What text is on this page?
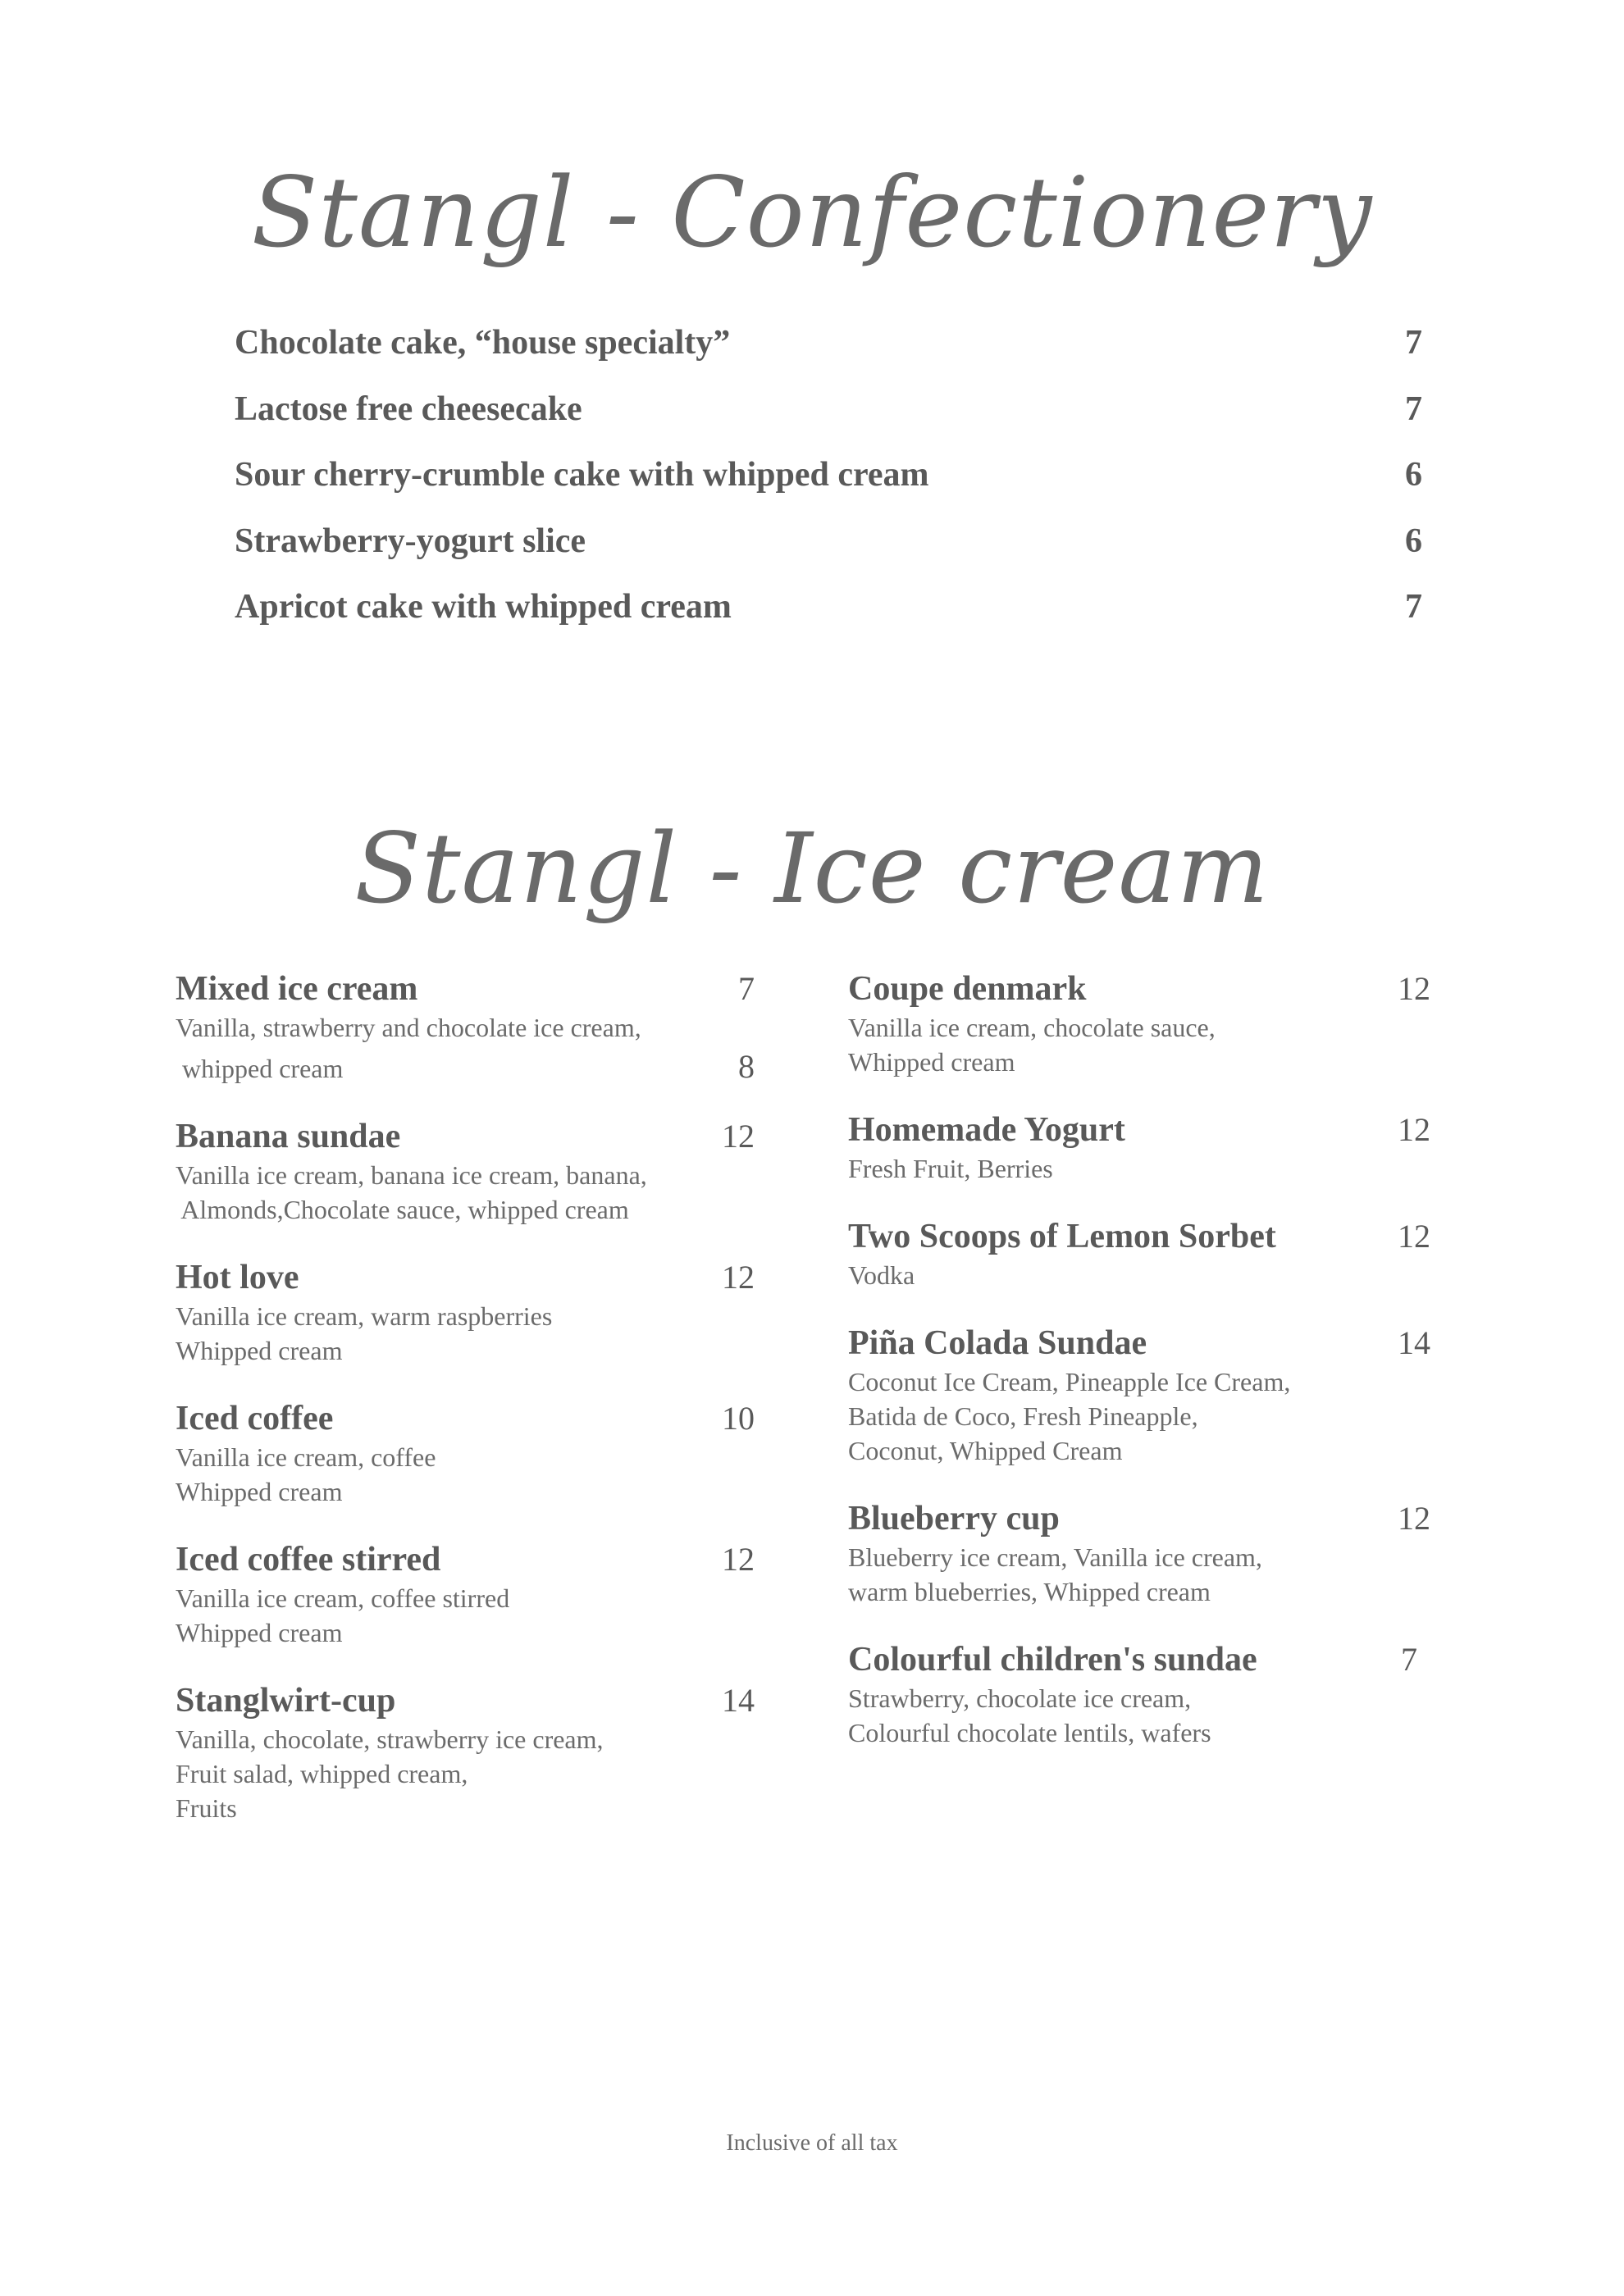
Stangl - Confectionery
Chocolate cake, “house specialty”	7
Lactose free cheesecake	7
Sour cherry-crumble cake with whipped cream	6
Strawberry-yogurt slice	6
Apricot cake with whipped cream	7
Stangl - Ice cream
Mixed ice cream	7
Vanilla, strawberry and chocolate ice cream,
whipped cream	8
Banana sundae	12
Vanilla ice cream, banana ice cream, banana,
Almonds,Chocolate sauce, whipped cream
Hot love	12
Vanilla ice cream, warm raspberries
Whipped cream
Iced coffee	10
Vanilla ice cream, coffee
Whipped cream
Iced coffee stirred	12
Vanilla ice cream, coffee stirred
Whipped cream
Stanglwirt-cup	14
Vanilla, chocolate, strawberry ice cream,
Fruit salad, whipped cream,
Fruits
Coupe denmark	12
Vanilla ice cream, chocolate sauce,
Whipped cream
Homemade Yogurt	12
Fresh Fruit, Berries
Two Scoops of Lemon Sorbet	12
Vodka
Piña Colada Sundae	14
Coconut Ice Cream, Pineapple Ice Cream,
Batida de Coco, Fresh Pineapple,
Coconut, Whipped Cream
Blueberry cup	12
Blueberry ice cream, Vanilla ice cream,
warm blueberries, Whipped cream
Colourful children's sundae	7
Strawberry, chocolate ice cream,
Colourful chocolate lentils, wafers
Inclusive of all tax
